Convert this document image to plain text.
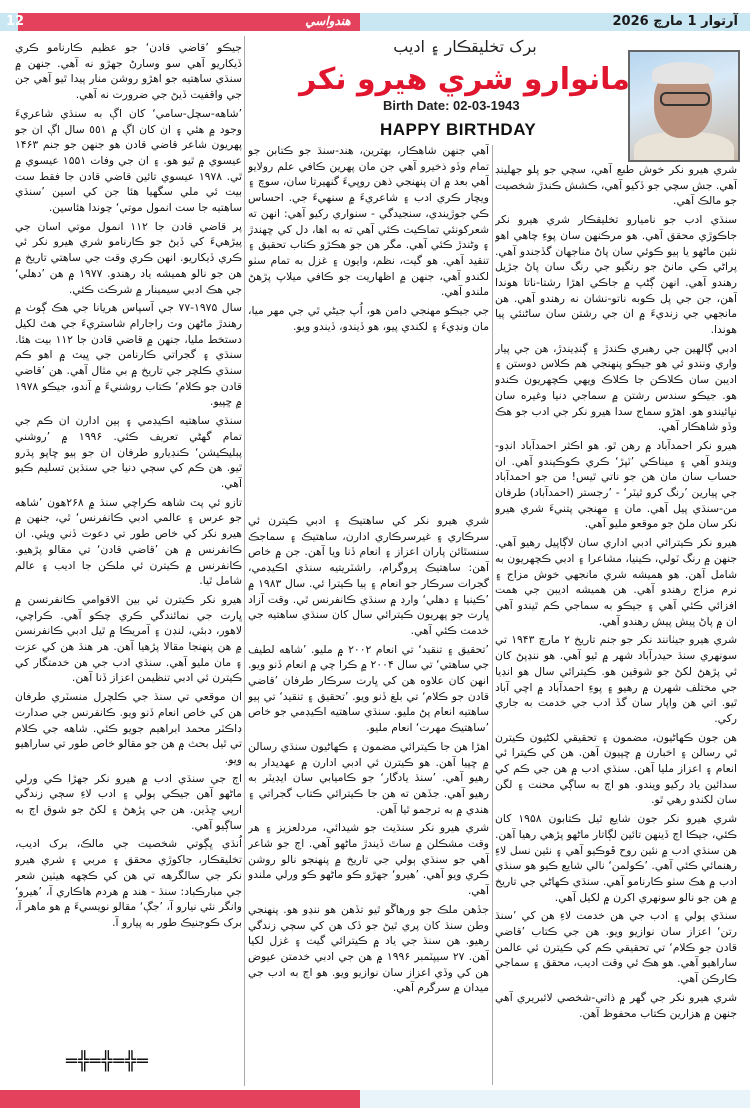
12	هندواسي	آرتوار 1 مارچ 2026
برک تخليقڪار ۽ اديب
مانوارو شري هيرو نکر
Birth Date: 02-03-1943
HAPPY BIRTHDAY

شري هيرو نکر خوش طبع آهي، سچي جو پلو جهلينڊ آهي. جش سچي جو ڏکيو آهي، ڪشش ڪندڙ شخصيت جو مالڪ آهي.

سنڌي ادب جو ناميارو تخليقڪار شري هيرو نکر جاڪوڙي محقق آهي. هو مرڪنهن سان پوءِ چاهي اهو نئين ماڻهو يا ٻيو ڪوئي سان پاڻ مناجهان گڏجندو آهي. پراڻي ڪي مانڻ جو رنگيو جي رنگ سان پاڻ جڙيل رهندو آهي. انهن ڳڻپ ۾ جاڪي اهڙا رشتا-ناتا هوندا آهن، جن جي پل ڪوبه ناتو-نشان نه رهندو آهي. هن مانجهي جي زنديءَ ۾ ان جي رشتن سان ساڻنئي پيا هوندا.

ادبي ڳالهين جي رهبري ڪندڙ ۽ ڳنڍيندڙ، هن جي پيار واري ونندو ئي هو جيڪو پنهنجي هم ڪلاس دوستن ۽ اديبن سان ڪلاڪن جا ڪلاڪ ويهي ڪچهريون ڪندو هو. جيڪو سندس رشتن ۾ سماجي دنيا وغيره سان نڀائيندو هو. اهڙو سماج سدا هيرو نکر جي ادب جو هڪ وڏو شاهڪار آهي.

هيرو نکر احمدآباد ۾ رهن ٿو. هو اڪثر احمدآباد انڊو-ويندو آهي ۽ ميناڪي ’ٽپڙ‘ ڪري ڪوڪيندو آهي. ان حساب سان مان هن جو ناتي ٿيس! من جو احمدآباد جي پيارين ’رنگ کرو ٿيٽر‘ - ’رجستر (احمدآباد) طرفان من-سنڌي پيل آهي. مان ۽ مهنجي پتنيءَ شري هيرو نکر سان ملڻ جو موقعو مليو آهي.

هيرو نکر ڪيترائي ادبي اداري سان لاڳاپيل رهيو آهي. جنهن ۾ رنگ ٽولي، ڪينيا، مشاعرا ۽ ادبي ڪچهريون به شامل آهن. هو هميشه شري مانجهي خوش مزاج ۽ نرم مزاج رهندو آهي. هن هميشه اديبن جي همت افزائي ڪئي آهي ۽ جيڪو به سماجي ڪم ٿيندو آهي ان ۾ پاڻ پيش پيش رهندو آهي.

شري هيرو جيٺانند نکر جو جنم تاريخ ۲ مارچ ۱۹۴۳ تي سونهري سنڌ حيدرآباد شهر ۾ ٿيو آهي. هو ننڍپڻ کان ئي پڙهڻ لکڻ جو شوقين هو. ڪيترائي سال هو انڊيا جي مختلف شهرن ۾ رهيو ۽ پوءِ احمدآباد ۾ اچي آباد ٿيو. اتي هن واپار سان گڏ ادب جي خدمت به جاري رکي.

هن جون ڪهاڻيون، مضمون ۽ تحقيقي لکڻيون ڪيترن ئي رسالن ۽ اخبارن ۾ ڇپيون آهن. هن کي ڪيترا ئي انعام ۽ اعزاز مليا آهن. سنڌي ادب ۾ هن جي ڪم کي سدائين ياد رکيو ويندو. هو اڄ به ساڳي محنت ۽ لگن سان لکندو رهي ٿو.

شري هيرو نکر جون شايع ٿيل ڪتابون ۱۹۵۸ کان ڪئي، جيڪا اڄ ڏينهن تائين لڳاتار ماڻهو پڙهي رهيا آهن. هن سنڌي ادب ۾ نئين روح ڦوڪيو آهي ۽ نئين نسل لاءِ رهنمائي ڪئي آهي. ’ڪولمن‘ نالي شايع ڪيو هو سنڌي ادب ۾ هڪ سٺو ڪارنامو آهي. سنڌي ڪهاڻي جي تاريخ ۾ هن جو نالو سونهري اکرن ۾ لکيل آهي.

سنڌي ٻولي ۽ ادب جي هن خدمت لاءِ هن کي ’سنڌ رتن‘ اعزاز سان نوازيو ويو. هن جي ڪتاب ’قاضي قادن جو ڪلام‘ تي تحقيقي ڪم کي ڪيترن ئي عالمن ساراهيو آهي. هو هڪ ئي وقت اديب، محقق ۽ سماجي ڪارڪن آهي.

شري هيرو نکر جي گھر ۾ ذاتي-شخصي لائبريري آهي جنهن ۾ هزارين ڪتاب محفوظ آهن.

آهي جنهن شاهڪار، بهترين، هند-سنڌ جو ڪتابن جو تمام وڏو ذخيرو آهي جن مان پهرين ڪافي علم رولايو آهي بعد ۾ ان پنهنجي ذهن روپيءَ گنهيرتا سان، سوچ ۽ ويچار ڪري ادب ۽ شاعريءَ ۾ سنهيءَ جي. احساس ڪي جوڙيندي، سنجيدگي - سنواري رکيو آهي: انهن ته شعرکونئي تماڪيت ڪئي آهي ته به اها، دل کي ڇهندڙ ۽ وڻندڙ ڪئي آهي. مگر هن جو هڪڙو ڪتاب تحقيق ۽ تنقيد آهي. هو گيت، نظم، وايون ۽ غزل به تمام سٺو لکندو آهي، جنهن ۾ اظهاريت جو ڪافي ميلاپ پڙهڻ ملندو آهي.

جي جيڪو مهنجي دامن هو، اُپ جيڻي ٿي جي مهر ميا، مان ونڊيءَ ۽ لکندي پيو، هو ڏيندو، ڏيندو ويو.

شري هيرو نکر کي ساهتيڪ ۽ ادبي ڪيترن ئي سرڪاري ۽ غيرسرڪاري ادارن، ساهتيڪ ۽ سماجڪ سنسٿائن پاران اعزاز ۽ انعام ڏنا ويا آهن. جن ۾ خاص آهن: ساهتيڪ پروگرام، راشٽريتيه سنڌي اڪيڊمي، گجرات سرڪار جو انعام ۽ ٻيا ڪيترا ئي. سال ۱۹۸۳ ۾ ’ڪينيا ۽ دهلي‘ وارڊ ۾ سنڌي ڪانفرنس ٿي. وقت آزاد ڀارت جو پهريون ڪيترائي سال کان سنڌي ساهتيه جي خدمت ڪئي آهي.

’تحقيق ۽ تنقيد‘ تي انعام ۲۰۰۲ ۾ مليو. ’شاهه لطيف جي ساهتي‘ تي سال ۲۰۰۴ ۾ ڪرا چي ۾ انعام ڏنو ويو. انهن کان علاوه هن کي ڀارت سرڪار طرفان ’قاضي قادن جو ڪلام‘ تي بلغ ڏنو ويو. ’تحقيق ۽ تنقيد‘ تي ٻيو ساهتيه انعام پڻ مليو. سنڌي ساهتيه اڪيڊمي جو خاص ’ساهتيڪ مهرت‘ انعام مليو.

اهڙا هن جا ڪيترائي مضمون ۽ ڪهاڻيون سنڌي رسالن ۾ ڇپيا آهن. هو ڪيترن ئي ادبي ادارن ۾ عهديدار به رهيو آهي. ’سنڌ يادگار‘ جو ڪاميابي سان ايڊيٽر به رهيو آهي. جڏهن ته هن جا ڪيترائي ڪتاب گجراتي ۽ هندي ۾ به ترجمو ٿيا آهن.

شري هيرو نکر سنڌيت جو شيدائي، مردلعزيز ۽ هر وقت مشڪلن ۾ ساٿ ڏيندڙ ماڻهو آهي. اڄ جو شاعر آهي جو سنڌي ٻولي جي تاريخ ۾ پنهنجو نالو روشن ڪري ويو آهي. ’هيرو‘ جهڙو ڪو ماڻهو ڪو ورلي ملندو آهي.

جڏهن ملڪ جو ورهاڱو ٿيو تڏهن هو ننڍو هو. پنهنجي وطن سنڌ کان پري ٿيڻ جو ڏک هن کي سڄي زندگي رهيو. هن سنڌ جي ياد ۾ ڪيترائي گيت ۽ غزل لکيا آهن. ۲۷ سيپٽمبر ۱۹۹۶ ۾ هن جي ادبي خدمتن عيوض هن کي وڏي اعزاز سان نوازيو ويو. هو اڄ به ادب جي ميدان ۾ سرگرم آهي.

جيڪو ’قاضي قادن‘ جو عظيم ڪارنامو ڪري ڏيکاريو آهي سو وسارڻ جهڙو نه آهي. جنهن ۾ سنڌي ساهتيه جو اهڙو روشن منار پيدا ٿيو آهي جن جي واقفيت ڏيڻ جي ضرورت نه آهي.

’شاهه-سچل-سامي‘ کان اڳ به سنڌي شاعريءَ وجود ۾ هئي ۽ ان کان اڳ ۾ ٥٥١ سال اڳ ان جو پهريون شاعر قاضي قادن هو جنهن جو جنم ۱۴۶۳ عيسوي ۾ ٿيو هو. ۽ ان جي وفات ۱۵۵۱ عيسوي ۾ ٿي. ۱۹۷۸ عيسوي تائين قاضي قادن جا فقط ست بيت ئي ملي سگهيا هئا جن کي اسين ’سنڌي ساهتيه جا ست انمول موتي‘ چوندا هئاسين.

پر قاضي قادن جا ۱۱۲ انمول موتي اسان جي پيڙهيءَ کي ڏيڻ جو ڪارنامو شري هيرو نکر ئي ڪري ڏيکاريو. انهن ڪري وقت جي ساهتي تاريخ ۾ هن جو نالو هميشه ياد رهندو. ۱۹۷۷ ۾ هن ’دهلي‘ جي هڪ ادبي سيمينار ۾ شرڪت ڪئي.

سال ۱۹۷۵-۷۷ جي آسپاس هريانا جي هڪ ڳوٺ ۾ رهندڙ ماڻهن وٽ راجارام شاستريءَ جي هٿ لکيل دستخط مليا، جنهن ۾ قاضي قادن جا ۱۱۲ بيت هئا. سنڌي ۽ گجراتي ڪارنامن جي ڀيٽ ۾ اهو ڪم سنڌي ڪلچر جي تاريخ ۾ بي مثال آهي. هن ’قاضي قادن جو ڪلام‘ ڪتاب روشنيءَ ۾ آندو، جيڪو ۱۹۷۸ ۾ ڇپيو.

سنڌي ساهتيه اڪيڊمي ۽ ٻين ادارن ان ڪم جي تمام گهڻي تعريف ڪئي. ۱۹۹۶ ۾ ’روشني پبليڪيشن‘ ڪنڊيارو طرفان ان جو ٻيو ڇاپو پڌرو ٿيو. هن ڪم کي سڄي دنيا جي سنڌين تسليم ڪيو آهي.

تازو ئي پٽ شاهه ڪراچي سنڌ ۾ ۲۶۸هون ’شاهه جو عرس ۽ عالمي ادبي ڪانفرنس‘ ٿي، جنهن ۾ هيرو نکر کي خاص طور تي دعوت ڏني ويئي. ان ڪانفرنس ۾ هن ’قاضي قادن‘ تي مقالو پڙهيو. ڪانفرنس ۾ ڪيترن ئي ملڪن جا اديب ۽ عالم شامل ٿيا.

هيرو نکر ڪيترن ئي بين الاقوامي ڪانفرنسن ۾ ڀارت جي نمائندگي ڪري چڪو آهي. ڪراچي، لاهور، دبئي، لنڊن ۽ آمريڪا ۾ ٿيل ادبي ڪانفرنسن ۾ هن پنهنجا مقالا پڙهيا آهن. هر هنڌ هن کي عزت ۽ مان مليو آهي. سنڌي ادب جي هن خدمتگار کي ڪيترن ئي ادبي تنظيمن اعزاز ڏنا آهن.

ان موقعي تي سنڌ جي ڪلچرل منسٽري طرفان هن کي خاص انعام ڏنو ويو. ڪانفرنس جي صدارت ڊاڪٽر محمد ابراهيم جويو ڪئي. شاهه جي ڪلام تي ٿيل بحث ۾ هن جو مقالو خاص طور تي ساراهيو ويو.

اڄ جي سنڌي ادب ۾ هيرو نکر جهڙا ڪي ورلي ماڻهو آهن جيڪي ٻولي ۽ ادب لاءِ سڄي زندگي ارپي ڇڏين. هن جي پڙهڻ ۽ لکڻ جو شوق اڄ به ساڳيو آهي.

اُنڌي ڀڳوتي شخصيت جي مالڪ، برک اديب، تخليقڪار، جاکوڙي محقق ۽ مربي ۽ شري هيرو نکر جي سالگرهه تي هن کي ڪچهه هيٺين شعر جي مبارڪباد: سنڌ - هند ۾ هردم هاڪاري آ، ’هيرو‘ وانگر نئي نيارو آ، ’جڳ‘ مقالو نويسيءَ ۾ هو ماهر آ، برک ڪوجنيڪ طور به پيارو آ.

═╬═╬═╬═
